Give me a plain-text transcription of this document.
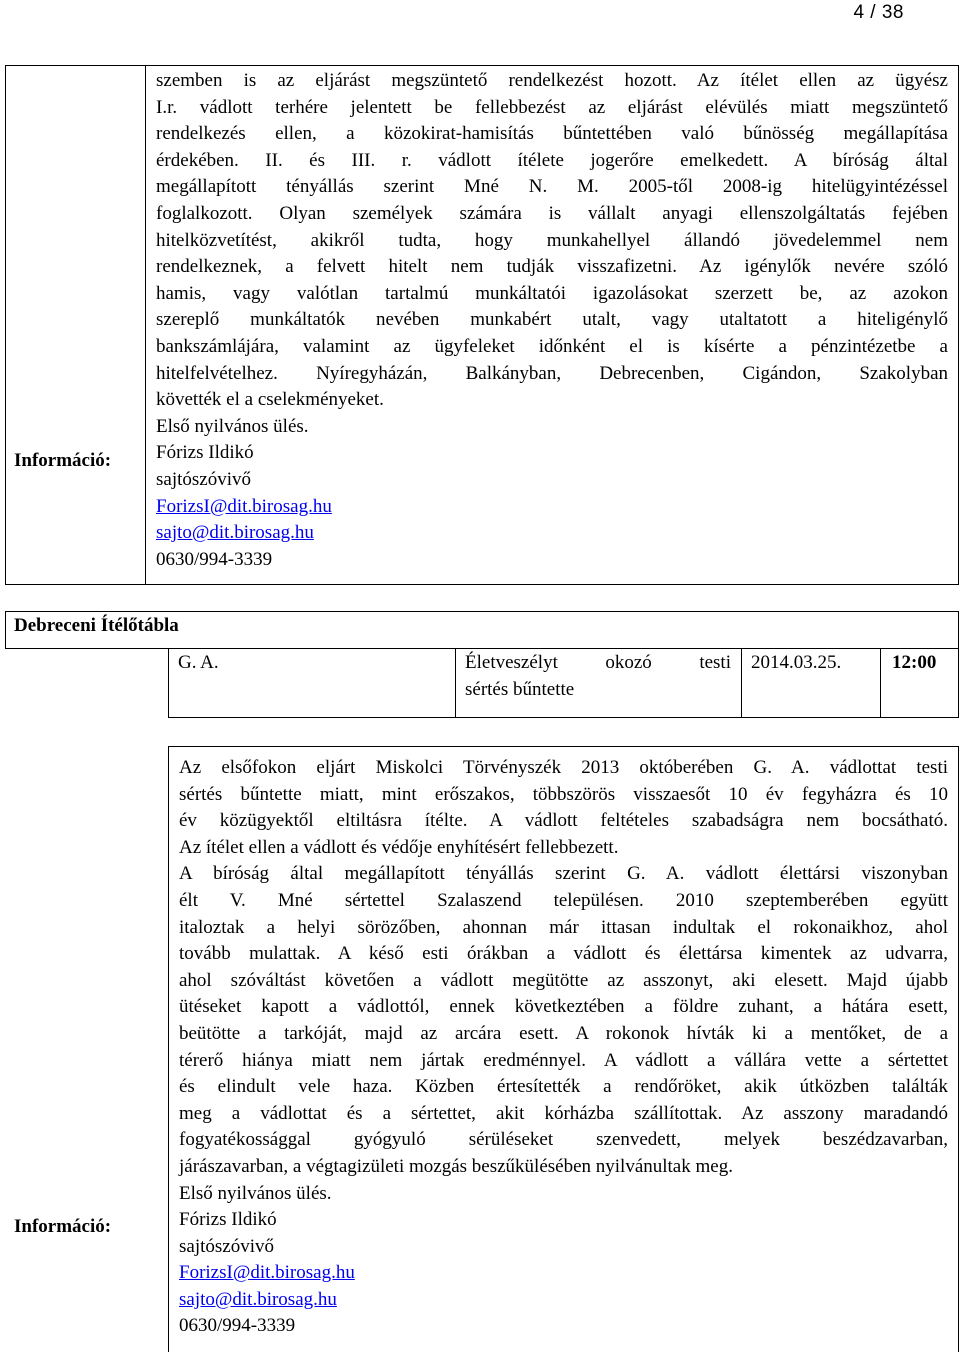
4 / 38
szemben is az eljárást megszüntető rendelkezést hozott. Az ítélet ellen az ügyész
I.r. vádlott terhére jelentett be fellebbezést az eljárást elévülés miatt megszüntető
rendelkezés ellen, a közokirat-hamisítás bűntettében való bűnösség megállapítása
érdekében. II. és III. r. vádlott ítélete jogerőre emelkedett. A bíróság által
megállapított tényállás szerint Mné N. M. 2005-től 2008-ig hitelügyintézéssel
foglalkozott. Olyan személyek számára is vállalt anyagi ellenszolgáltatás fejében
hitelközvetítést, akikről tudta, hogy munkahellyel állandó jövedelemmel nem
rendelkeznek, a felvett hitelt nem tudják visszafizetni. Az igénylők nevére szóló
hamis, vagy valótlan tartalmú munkáltatói igazolásokat szerzett be, az azokon
szereplő munkáltatók nevében munkabért utalt, vagy utaltatott a hiteligénylő
bankszámlájára, valamint az ügyfeleket időnként el is kísérte a pénzintézetbe a
hitelfelvételhez. Nyíregyházán, Balkányban, Debrecenben, Cigándon, Szakolyban
követték el a cselekményeket.
Első nyilvános ülés.
Fórizs Ildikó
sajtószóvivő
ForizsI@dit.birosag.hu
sajto@dit.birosag.hu
0630/994-3339
Információ:
Debreceni Ítélőtábla
G. A.	Életveszélyt okozó testi
sértés bűntette
2014.03.25.	12:00
Az elsőfokon eljárt Miskolci Törvényszék 2013 októberében G. A. vádlottat testi
sértés bűntette miatt, mint erőszakos, többszörös visszaesőt 10 év fegyházra és 10
év közügyektől eltiltásra ítélte. A vádlott feltételes szabadságra nem bocsátható.
Az ítélet ellen a vádlott és védője enyhítésért fellebbezett.
A bíróság által megállapított tényállás szerint G. A. vádlott élettársi viszonyban
élt V. Mné sértettel Szalaszend településen. 2010 szeptemberében együtt
italoztak a helyi sörözőben, ahonnan már ittasan indultak el rokonaikhoz, ahol
tovább mulattak. A késő esti órákban a vádlott és élettársa kimentek az udvarra,
ahol szóváltást követően a vádlott megütötte az asszonyt, aki elesett. Majd újabb
ütéseket kapott a vádlottól, ennek következtében a földre zuhant, a hátára esett,
beütötte a tarkóját, majd az arcára esett. A rokonok hívták ki a mentőket, de a
térerő hiánya miatt nem jártak eredménnyel. A vádlott a vállára vette a sértettet
és elindult vele haza. Közben értesítették a rendőröket, akik útközben találták
meg a vádlottat és a sértettet, akit kórházba szállítottak. Az asszony maradandó
fogyatékossággal gyógyuló sérüléseket szenvedett, melyek beszédzavarban,
járászavarban, a végtagizületi mozgás beszűkülésében nyilvánultak meg.
Első nyilvános ülés.
Fórizs Ildikó
sajtószóvivő
ForizsI@dit.birosag.hu
sajto@dit.birosag.hu
0630/994-3339
Információ:
